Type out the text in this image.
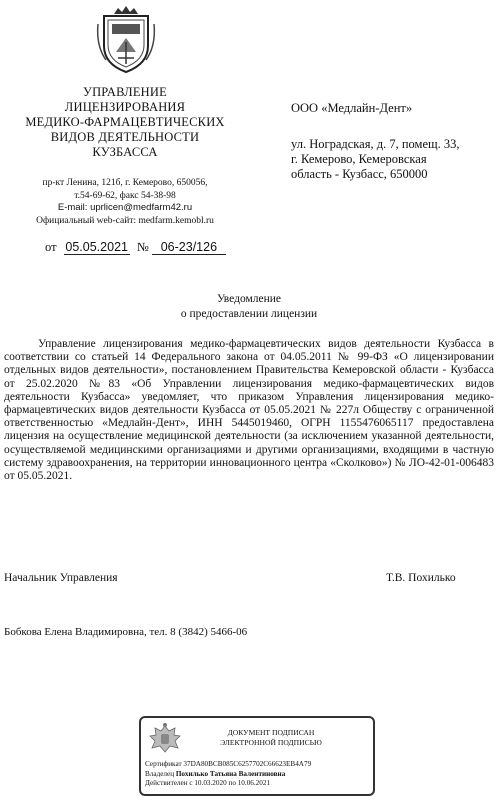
УПРАВЛЕНИЕ
ЛИЦЕНЗИРОВАНИЯ
МЕДИКО-ФАРМАЦЕВТИЧЕСКИХ
ВИДОВ ДЕЯТЕЛЬНОСТИ
КУЗБАССА
пр-кт Ленина, 121б, г. Кемерово, 650056,
т.54-69-62, факс 54-38-98
E-mail: uprlicen@medfarm42.ru
Официальный web-сайт: medfarm.kemobl.ru
от 05.05.2021 № 06-23/126
ООО «Медлайн-Дент»
ул. Ноградская, д. 7, помещ. 33,
г. Кемерово, Кемеровская
область - Кузбасс, 650000
Уведомление
о предоставлении лицензии

Управление лицензирования медико-фармацевтических видов деятельности Кузбасса в соответствии со статьей 14 Федерального закона от 04.05.2011 № 99-ФЗ «О лицензировании отдельных видов деятельности», постановлением Правительства Кемеровской области - Кузбасса от 25.02.2020 №83 «Об Управлении лицензирования медико-фармацевтических видов деятельности Кузбасса» уведомляет, что приказом Управления лицензирования медико-фармацевтических видов деятельности Кузбасса от 05.05.2021 № 227л Обществу с ограниченной ответственностью «Медлайн-Дент», ИНН 5445019460, ОГРН 1155476065117 предоставлена лицензия на осуществление медицинской деятельности (за исключением указанной деятельности, осуществляемой медицинскими организациями и другими организациями, входящими в частную систему здравоохранения, на территории инновационного центра «Сколково») № ЛО-42-01-006483 от 05.05.2021.

Начальник Управления	Т.В. Похилько
Бобкова Елена Владимировна, тел. 8 (3842) 5466-06
ДОКУМЕНТ ПОДПИСАН
ЭЛЕКТРОННОЙ ПОДПИСЬЮ
Сертификат 37DA80BCB085C6257702C66623EB4A79
Владелец Похилько Татьяна Валентиновна
Действителен с 10.03.2020 по 10.06.2021
